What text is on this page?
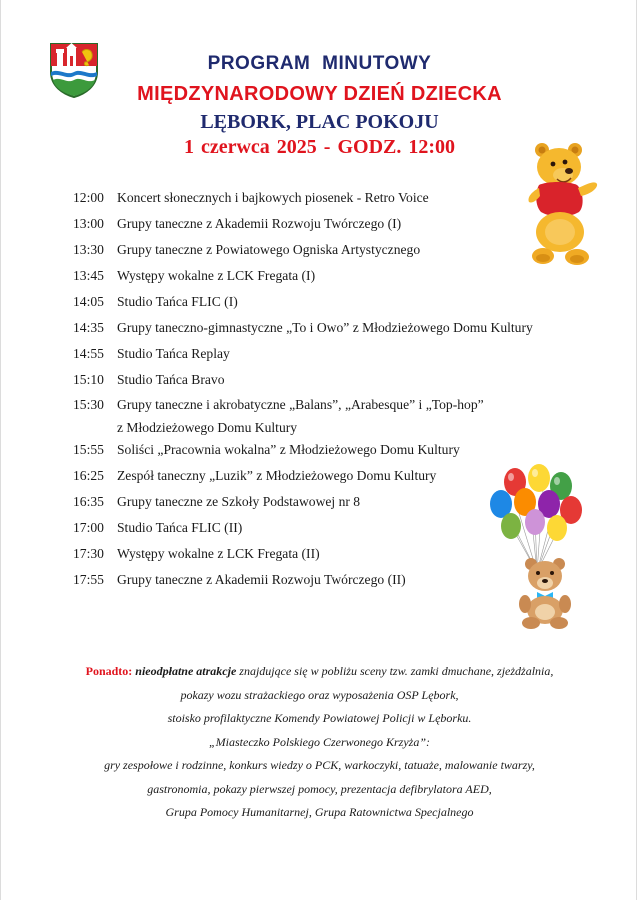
PROGRAM MINUTOWY
MIĘDZYNARODOWY DZIEŃ DZIECKA
LĘBORK, PLAC POKOJU
1 czerwca 2025 - GODZ. 12:00
12:00 Koncert słonecznych i bajkowych piosenek - Retro Voice
13:00 Grupy taneczne z Akademii Rozwoju Twórczego (I)
13:30 Grupy taneczne z Powiatowego Ogniska Artystycznego
13:45 Występy wokalne z LCK Fregata (I)
14:05 Studio Tańca FLIC (I)
14:35 Grupy taneczno-gimnastyczne „To i Owo” z Młodzieżowego Domu Kultury
14:55 Studio Tańca Replay
15:10 Studio Tańca Bravo
15:30 Grupy taneczne i akrobatyczne „Balans”, „Arabesque” i „Top-hop”
z Młodzieżowego Domu Kultury
15:55 Soliści „Pracownia wokalna” z Młodzieżowego Domu Kultury
16:25 Zespół taneczny „Luzik” z Młodzieżowego Domu Kultury
16:35 Grupy taneczne ze Szkoły Podstawowej nr 8
17:00 Studio Tańca FLIC (II)
17:30 Występy wokalne z LCK Fregata (II)
17:55 Grupy taneczne z Akademii Rozwoju Twórczego (II)
Ponadto: nieodpłatne atrakcje znajdujące się w pobliżu sceny tzw. zamki dmuchane, zjeżdżalnia,
pokazy wozu strażackiego oraz wyposażenia OSP Lębork,
stoisko profilaktyczne Komendy Powiatowej Policji w Lęborku.
„Miasteczko Polskiego Czerwonego Krzyża”:
gry zespołowe i rodzinne, konkurs wiedzy o PCK, warkoczyki, tatuaże, malowanie twarzy,
gastronomia, pokazy pierwszej pomocy, prezentacja defibrylatora AED,
Grupa Pomocy Humanitarnej, Grupa Ratownictwa Specjalnego
